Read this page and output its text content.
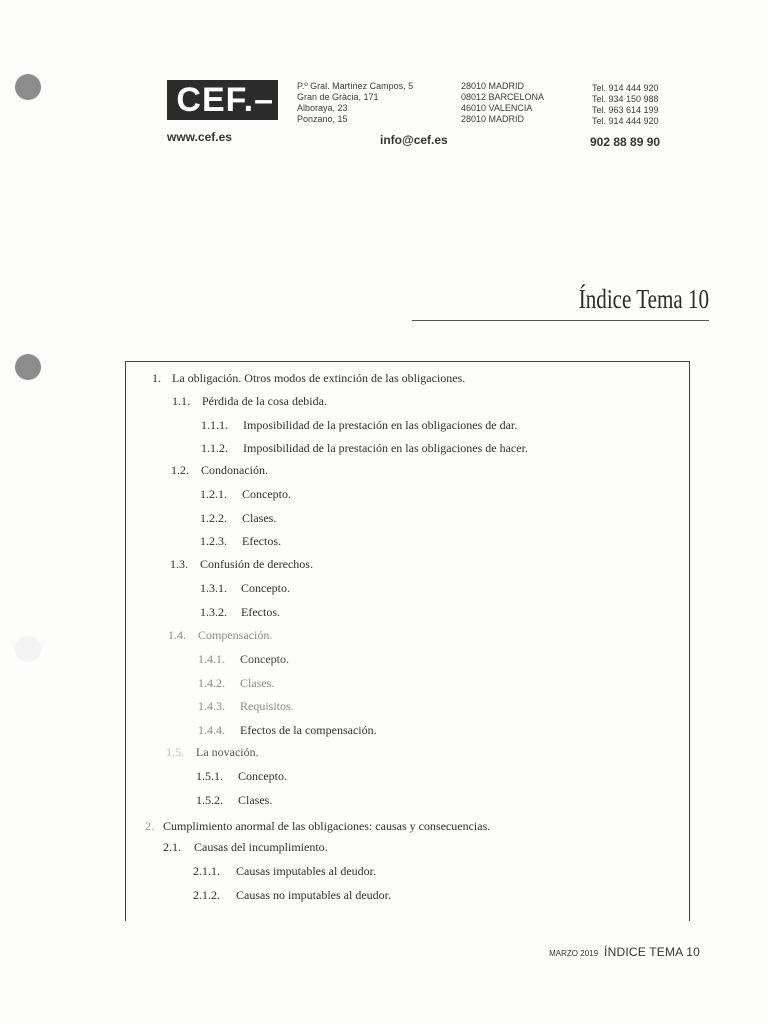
CEF.–
www.cef.es	info@cef.es	902 88 89 90
P.º Gral. Martínez Campos, 5
Gran de Gràcia, 171
Alboraya, 23
Ponzano, 15
28010 MADRID
08012 BARCELONA
46010 VALENCIA
28010 MADRID
Tel. 914 444 920
Tel. 934 150 988
Tel. 963 614 199
Tel. 914 444 920
Índice Tema 10
1. La obligación. Otros modos de extinción de las obligaciones.
1.1. Pérdida de la cosa debida.
1.1.1. Imposibilidad de la prestación en las obligaciones de dar.
1.1.2. Imposibilidad de la prestación en las obligaciones de hacer.
1.2. Condonación.
1.2.1. Concepto.
1.2.2. Clases.
1.2.3. Efectos.
1.3. Confusión de derechos.
1.3.1. Concepto.
1.3.2. Efectos.
1.4. Compensación.
1.4.1. Concepto.
1.4.2. Clases.
1.4.3. Requisitos.
1.4.4. Efectos de la compensación.
1.5. La novación.
1.5.1. Concepto.
1.5.2. Clases.
2. Cumplimiento anormal de las obligaciones: causas y consecuencias.
2.1. Causas del incumplimiento.
2.1.1. Causas imputables al deudor.
2.1.2. Causas no imputables al deudor.
MARZO 2019 ÍNDICE TEMA 10
